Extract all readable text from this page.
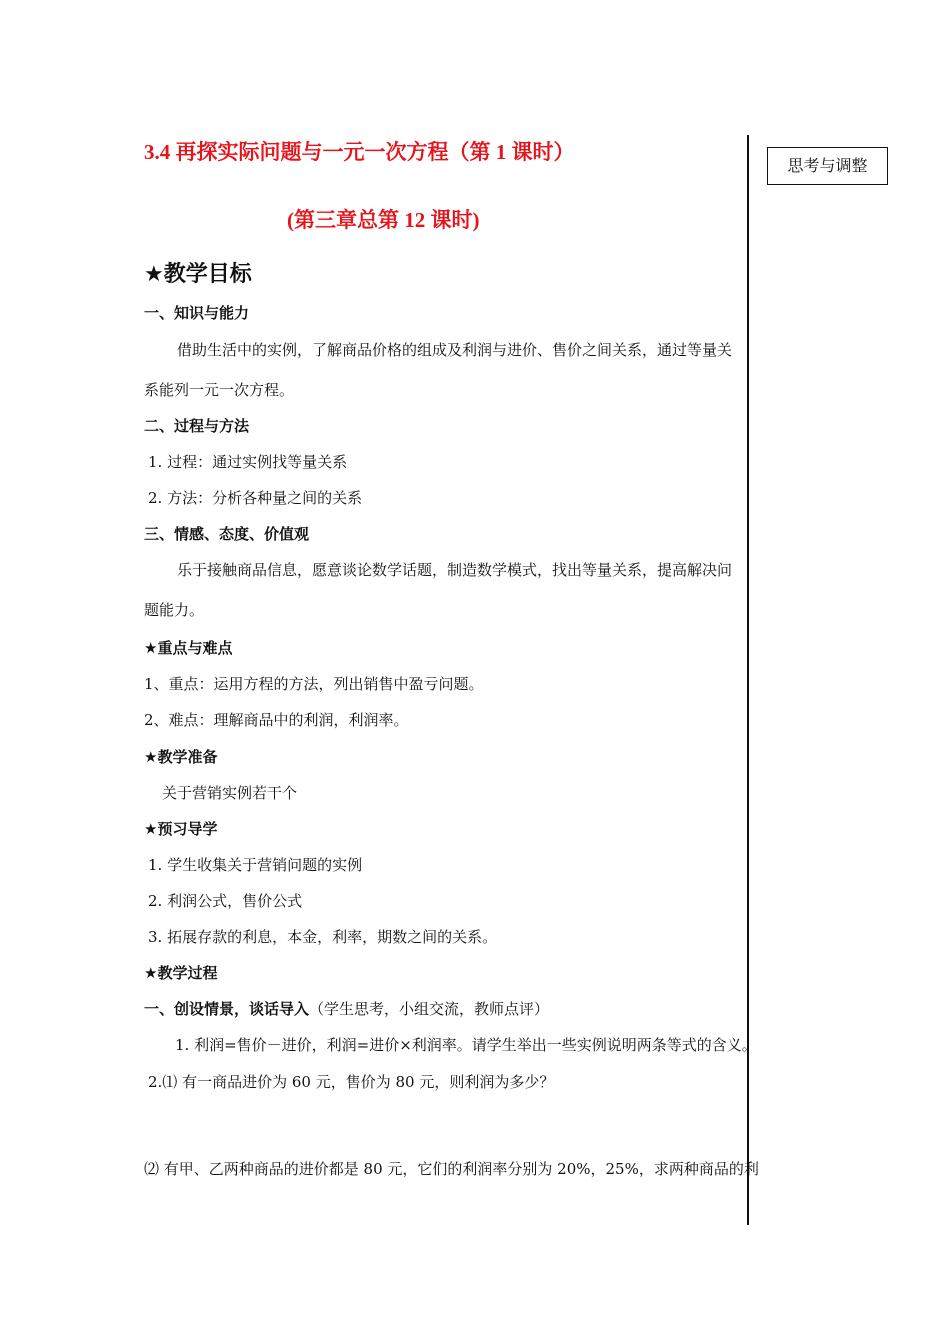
思考与调整
3.4 再探实际问题与一元一次方程（第 1 课时）
(第三章总第 12 课时)
★教学目标
一、知识与能力
借助生活中的实例，了解商品价格的组成及利润与进价、售价之间关系，通过等量关
系能列一元一次方程。
二、过程与方法
1. 过程：通过实例找等量关系
2. 方法：分析各种量之间的关系
三、情感、态度、价值观
乐于接触商品信息，愿意谈论数学话题，制造数学模式，找出等量关系，提高解决问
题能力。
★重点与难点
1、重点：运用方程的方法，列出销售中盈亏问题。
2、难点：理解商品中的利润，利润率。
★教学准备
关于营销实例若干个
★预习导学
1. 学生收集关于营销问题的实例
2. 利润公式，售价公式
3. 拓展存款的利息，本金，利率，期数之间的关系。
★教学过程
一、创设情景，谈话导入（学生思考，小组交流，教师点评）
1. 利润=售价－进价，利润=进价×利润率。请学生举出一些实例说明两条等式的含义。
2.⑴ 有一商品进价为 60 元，售价为 80 元，则利润为多少？
⑵ 有甲、乙两种商品的进价都是 80 元，它们的利润率分别为 20%，25%，求两种商品的利
